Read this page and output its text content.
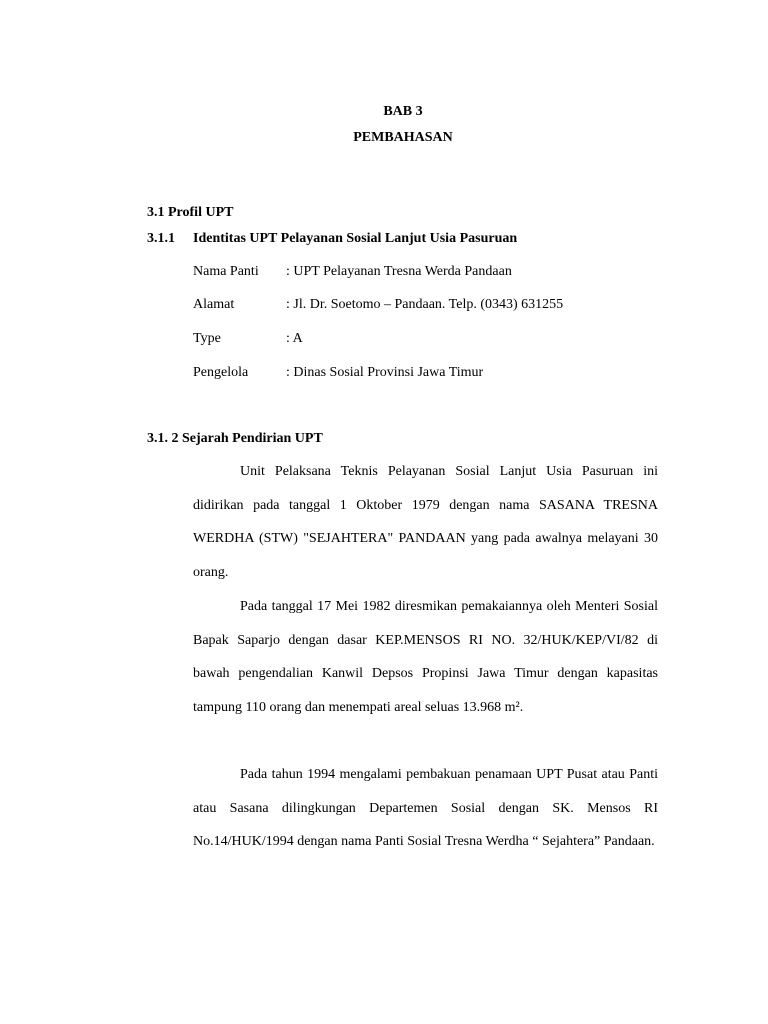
BAB 3
PEMBAHASAN
3.1 Profil UPT
3.1.1 Identitas UPT Pelayanan Sosial Lanjut Usia Pasuruan
Nama Panti : UPT Pelayanan Tresna Werda Pandaan
Alamat	: Jl. Dr. Soetomo – Pandaan. Telp. (0343) 631255
Type	: A
Pengelola	: Dinas Sosial Provinsi Jawa Timur
3.1. 2 Sejarah Pendirian UPT

Unit Pelaksana Teknis Pelayanan Sosial Lanjut Usia Pasuruan ini didirikan pada tanggal 1 Oktober 1979 dengan nama SASANA TRESNA WERDHA (STW) "SEJAHTERA" PANDAAN yang pada awalnya melayani 30 orang.

Pada tanggal 17 Mei 1982 diresmikan pemakaiannya oleh Menteri Sosial Bapak Saparjo dengan dasar KEP.MENSOS RI NO. 32/HUK/KEP/VI/82 di bawah pengendalian Kanwil Depsos Propinsi Jawa Timur dengan kapasitas tampung 110 orang dan menempati areal seluas 13.968 m².

Pada tahun 1994 mengalami pembakuan penamaan UPT Pusat atau Panti atau Sasana dilingkungan Departemen Sosial dengan SK. Mensos RI No.14/HUK/1994 dengan nama Panti Sosial Tresna Werdha “ Sejahtera” Pandaan.
